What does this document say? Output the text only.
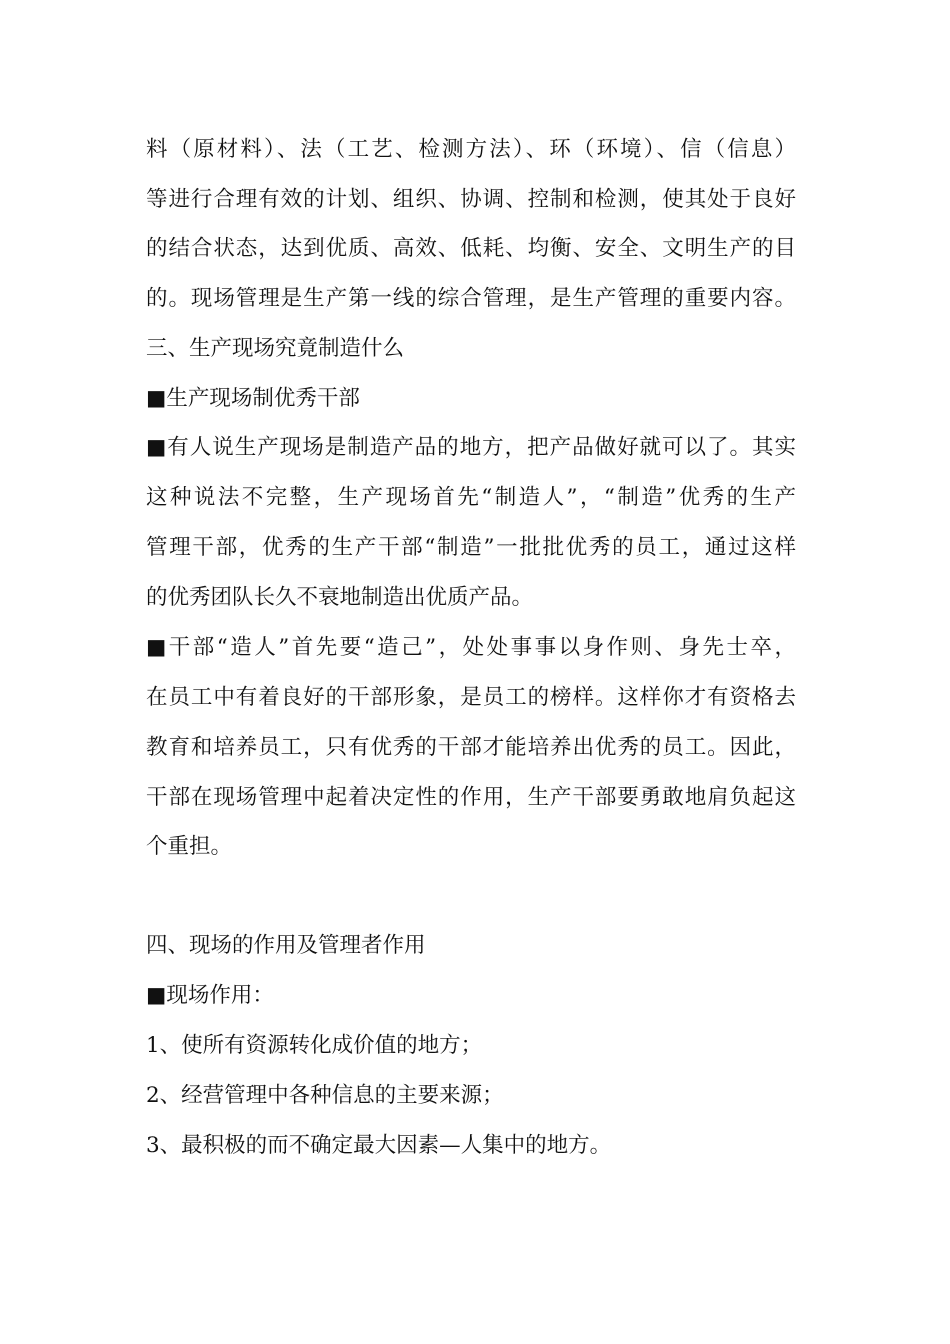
料（原材料）、法（工艺、检测方法）、环（环境）、信（信息）
等进行合理有效的计划、组织、协调、控制和检测，使其处于良好
的结合状态，达到优质、高效、低耗、均衡、安全、文明生产的目
的。现场管理是生产第一线的综合管理，是生产管理的重要内容。
三、生产现场究竟制造什么
■生产现场制优秀干部
■有人说生产现场是制造产品的地方，把产品做好就可以了。其实
这种说法不完整，生产现场首先“制造人”，“制造”优秀的生产
管理干部，优秀的生产干部“制造”一批批优秀的员工，通过这样
的优秀团队长久不衰地制造出优质产品。
■干部“造人”首先要“造己”，处处事事以身作则、身先士卒，
在员工中有着良好的干部形象，是员工的榜样。这样你才有资格去
教育和培养员工，只有优秀的干部才能培养出优秀的员工。因此，
干部在现场管理中起着决定性的作用，生产干部要勇敢地肩负起这
个重担。
四、现场的作用及管理者作用
■现场作用：
1、使所有资源转化成价值的地方；
2、经营管理中各种信息的主要来源；
3、最积极的而不确定最大因素—人集中的地方。
